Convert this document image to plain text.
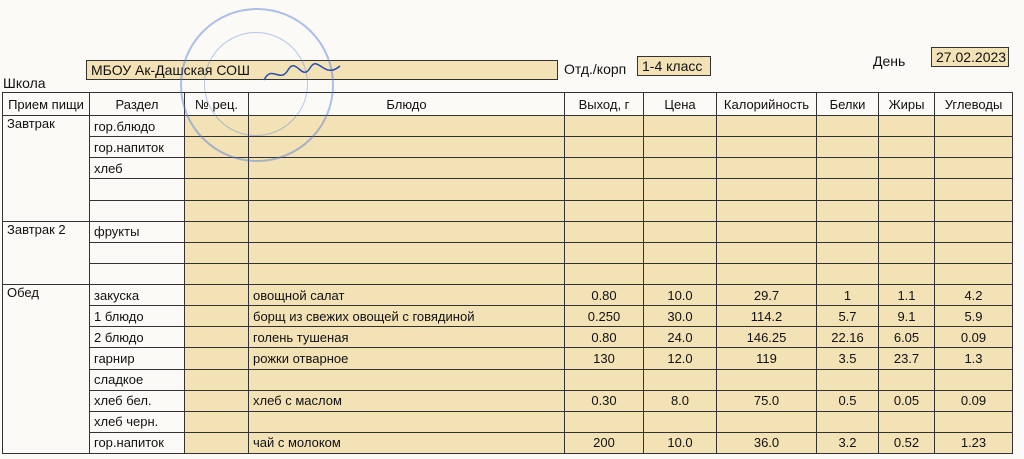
Школа
МБОУ Ак-Дашская СОШ	Отд./корп	1-4 класс	День	27.02.2023
Прием пищи	Раздел	№ рец.	Блюдо	Выход, г	Цена	Калорийность	Белки	Жиры	Углеводы
Завтрак	гор.блюдо								
	гор.напиток								
	хлеб								

Завтрак 2	фрукты								

Обед	закуска		овощной салат	0.80	10.0	29.7	1	1.1	4.2
	1 блюдо		борщ из свежих овощей с говядиной	0.250	30.0	114.2	5.7	9.1	5.9
	2 блюдо		голень тушеная	0.80	24.0	146.25	22.16	6.05	0.09
	гарнир		рожки отварное	130	12.0	119	3.5	23.7	1.3
	сладкое								
	хлеб бел.		хлеб с маслом	0.30	8.0	75.0	0.5	0.05	0.09
	хлеб черн.								
	гор.напиток		чай с молоком	200	10.0	36.0	3.2	0.52	1.23
